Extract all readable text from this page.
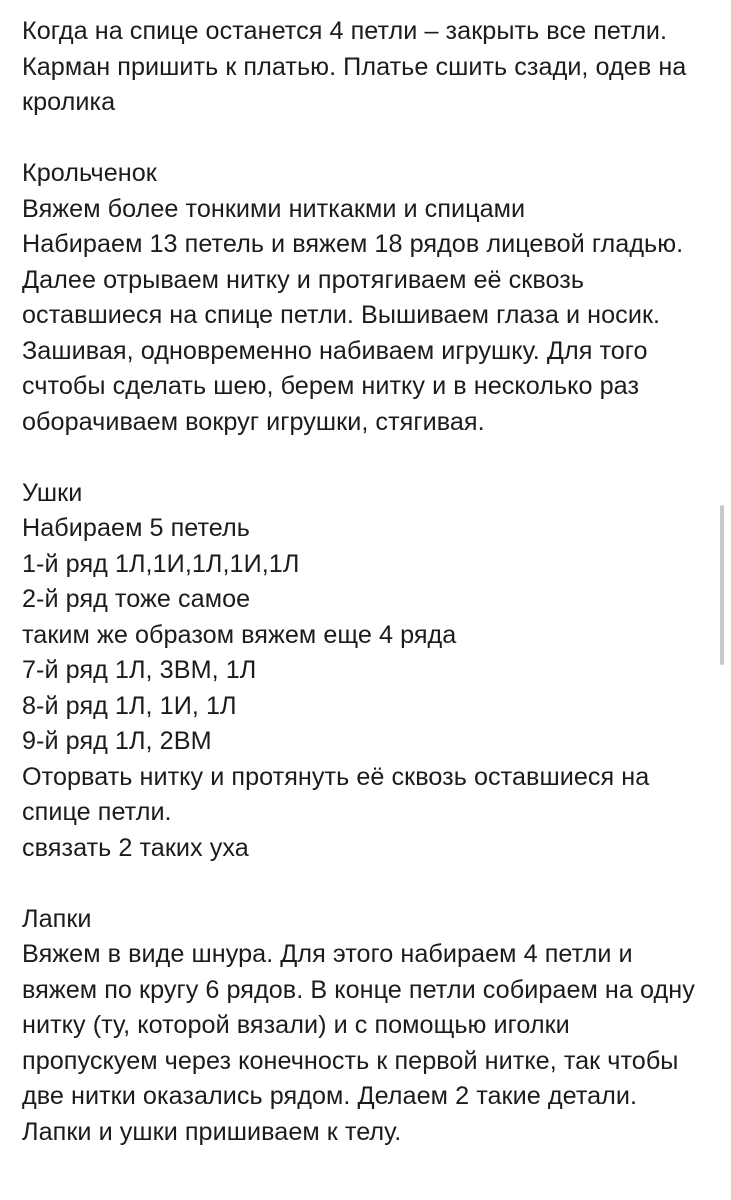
Когда на спице останется 4 петли – закрыть все петли.

Карман пришить к платью. Платье сшить сзади, одев на кролика

Крольченок

Вяжем более тонкими ниткакми и спицами

Набираем 13 петель и вяжем 18 рядов лицевой гладью. Далее отрываем нитку и протягиваем её сквозь оставшиеся на спице петли. Вышиваем глаза и носик. Зашивая, одновременно набиваем игрушку. Для того счтобы сделать шею, берем нитку и в несколько раз оборачиваем вокруг игрушки, стягивая.

Ушки

Набираем 5 петель

1-й ряд 1Л,1И,1Л,1И,1Л

2-й ряд тоже самое

таким же образом вяжем еще 4 ряда

7-й ряд 1Л, 3ВМ, 1Л

8-й ряд 1Л, 1И, 1Л

9-й ряд 1Л, 2ВМ

Оторвать нитку и протянуть её сквозь оставшиеся на спице петли.

связать 2 таких уха

Лапки

Вяжем в виде шнура. Для этого набираем 4 петли и вяжем по кругу 6 рядов. В конце петли собираем на одну нитку (ту, которой вязали) и с помощью иголки пропускуем через конечность к первой нитке, так чтобы две нитки оказались рядом. Делаем 2 такие детали.

Лапки и ушки пришиваем к телу.
